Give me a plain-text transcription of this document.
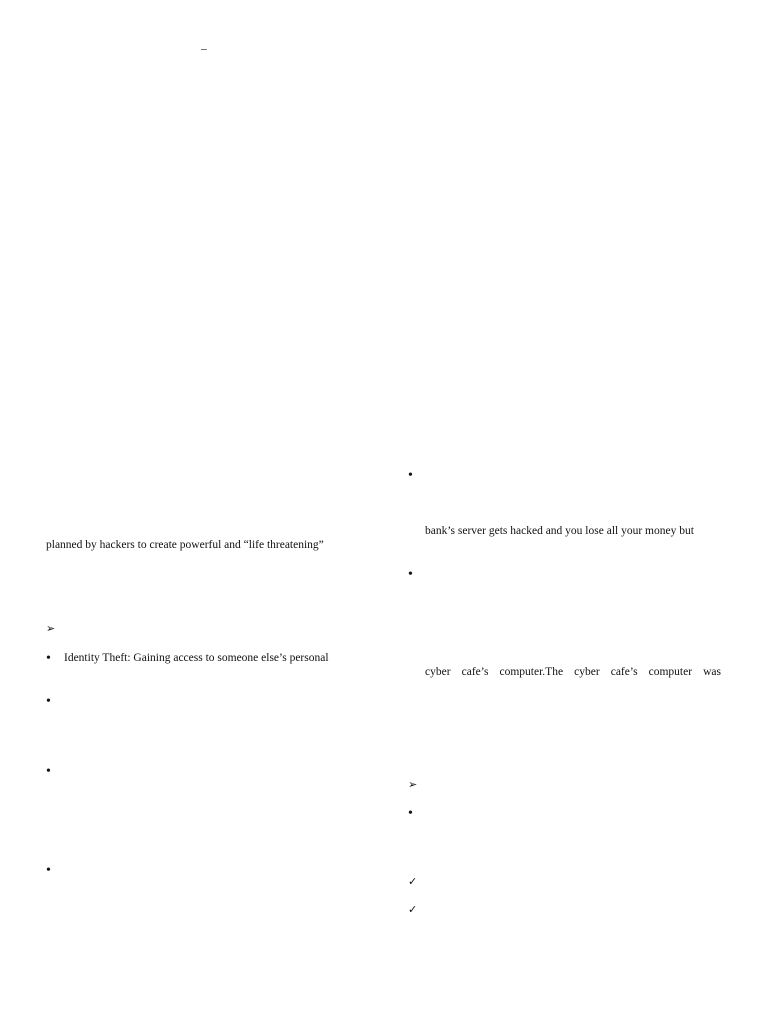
–
planned by hackers to create powerful and “life threatening”
➢
• Identity Theft: Gaining access to someone else’s personal
•
•
•
•
bank’s server gets hacked and you lose all your money but
•
cyber cafe’s computer.The cyber cafe’s computer was
➢
•
✓
✓
